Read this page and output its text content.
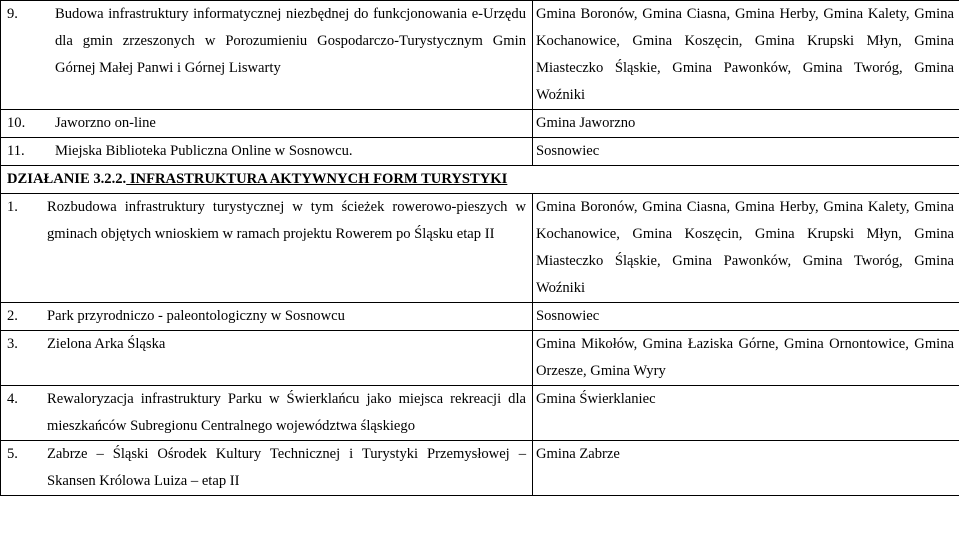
9. Budowa infrastruktury informatycznej niezbędnej do funkcjonowania e-Urzędu dla gmin zrzeszonych w Porozumieniu Gospodarczo-Turystycznym Gmin Górnej Małej Panwi i Górnej Liswarty	Gmina Boronów, Gmina Ciasna, Gmina Herby, Gmina Kalety, Gmina Kochanowice, Gmina Koszęcin, Gmina Krupski Młyn, Gmina Miasteczko Śląskie, Gmina Pawonków, Gmina Tworóg, Gmina Woźniki

10. Jaworzno on-line	Gmina Jaworzno

11. Miejska Biblioteka Publiczna Online w Sosnowcu.	Sosnowiec

DZIAŁANIE 3.2.2. INFRASTRUKTURA AKTYWNYCH FORM TURYSTYKI	

1. Rozbudowa infrastruktury turystycznej w tym ścieżek rowerowo-pieszych w gminach objętych wnioskiem w ramach projektu Rowerem po Śląsku etap II	Gmina Boronów, Gmina Ciasna, Gmina Herby, Gmina Kalety, Gmina Kochanowice, Gmina Koszęcin, Gmina Krupski Młyn, Gmina Miasteczko Śląskie, Gmina Pawonków, Gmina Tworóg, Gmina Woźniki

2. Park przyrodniczo - paleontologiczny w Sosnowcu	Sosnowiec

3. Zielona Arka Śląska	Gmina Mikołów, Gmina Łaziska Górne, Gmina Ornontowice, Gmina Orzesze, Gmina Wyry

4. Rewaloryzacja infrastruktury Parku w Świerklańcu jako miejsca rekreacji dla mieszkańców Subregionu Centralnego województwa śląskiego	Gmina Świerklaniec

5. Zabrze – Śląski Ośrodek Kultury Technicznej i Turystyki Przemysłowej – Skansen Królowa Luiza – etap II	Gmina Zabrze
